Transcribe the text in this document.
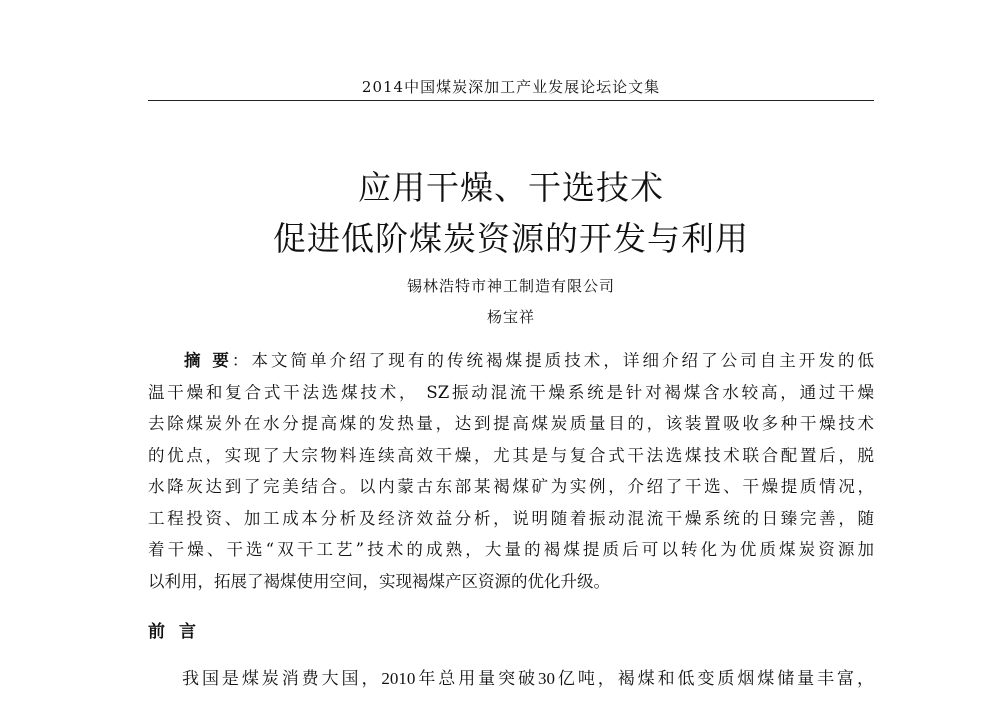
2014中国煤炭深加工产业发展论坛论文集
应用干燥、干选技术
促进低阶煤炭资源的开发与利用
锡林浩特市神工制造有限公司
杨宝祥
摘 要：本文简单介绍了现有的传统褐煤提质技术，详细介绍了公司自主开发的低
温干燥和复合式干法选煤技术， SZ振动混流干燥系统是针对褐煤含水较高，通过干燥
去除煤炭外在水分提高煤的发热量，达到提高煤炭质量目的，该装置吸收多种干燥技术
的优点，实现了大宗物料连续高效干燥，尤其是与复合式干法选煤技术联合配置后，脱
水降灰达到了完美结合。以内蒙古东部某褐煤矿为实例，介绍了干选、干燥提质情况，
工程投资、加工成本分析及经济效益分析，说明随着振动混流干燥系统的日臻完善，随
着干燥、干选“双干工艺”技术的成熟，大量的褐煤提质后可以转化为优质煤炭资源加
以利用，拓展了褐煤使用空间，实现褐煤产区资源的优化升级。
前言
我国是煤炭消费大国，2010年总用量突破30亿吨，褐煤和低变质烟煤储量丰富，
